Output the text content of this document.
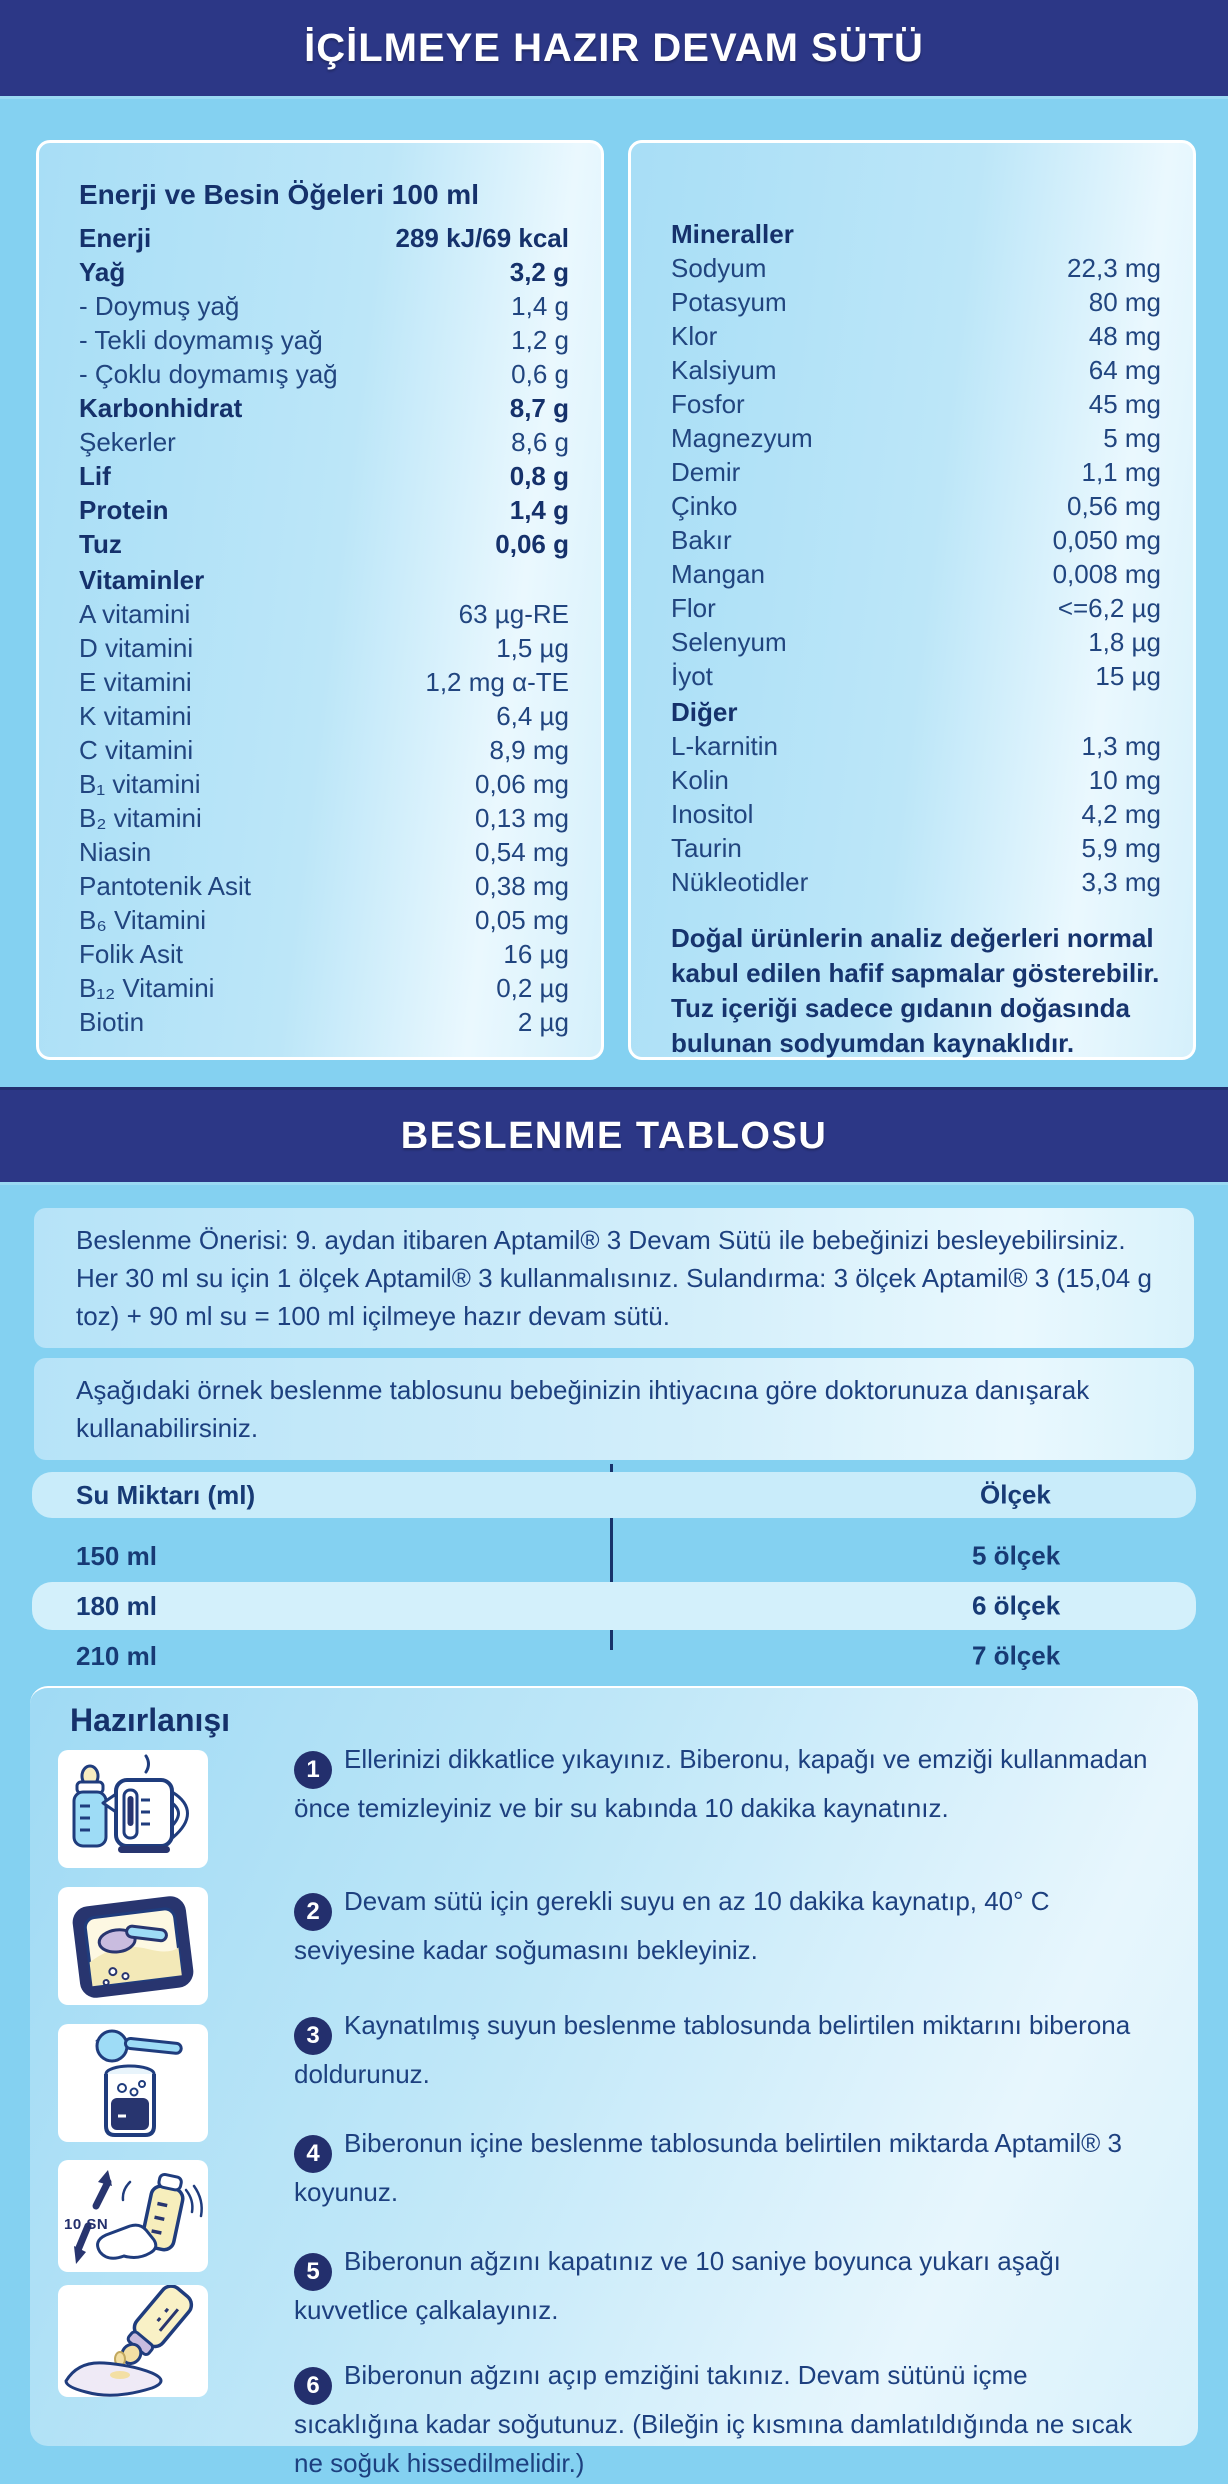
İÇİLMEYE HAZIR DEVAM SÜTÜ
Enerji ve Besin Öğeleri 100 ml
Enerji	289 kJ/69 kcal
Yağ	3,2 g
- Doymuş yağ	1,4 g
- Tekli doymamış yağ	1,2 g
- Çoklu doymamış yağ	0,6 g
Karbonhidrat	8,7 g
Şekerler	8,6 g
Lif	0,8 g
Protein	1,4 g
Tuz	0,06 g
Vitaminler
A vitamini	63 µg-RE
D vitamini	1,5 µg
E vitamini	1,2 mg α-TE
K vitamini	6,4 µg
C vitamini	8,9 mg
B₁ vitamini	0,06 mg
B₂ vitamini	0,13 mg
Niasin	0,54 mg
Pantotenik Asit	0,38 mg
B₆ Vitamini	0,05 mg
Folik Asit	16 µg
B₁₂ Vitamini	0,2 µg
Biotin	2 µg
Mineraller
Sodyum	22,3 mg
Potasyum	80 mg
Klor	48 mg
Kalsiyum	64 mg
Fosfor	45 mg
Magnezyum	5 mg
Demir	1,1 mg
Çinko	0,56 mg
Bakır	0,050 mg
Mangan	0,008 mg
Flor	<=6,2 µg
Selenyum	1,8 µg
İyot	15 µg
Diğer
L-karnitin	1,3 mg
Kolin	10 mg
Inositol	4,2 mg
Taurin	5,9 mg
Nükleotidler	3,3 mg

Doğal ürünlerin analiz değerleri normal kabul edilen hafif sapmalar gösterebilir. Tuz içeriği sadece gıdanın doğasında bulunan sodyumdan kaynaklıdır.

BESLENME TABLOSU

Beslenme Önerisi: 9. aydan itibaren Aptamil® 3 Devam Sütü ile bebeğinizi besleyebilirsiniz. Her 30 ml su için 1 ölçek Aptamil® 3 kullanmalısınız. Sulandırma: 3 ölçek Aptamil® 3 (15,04 g toz) + 90 ml su = 100 ml içilmeye hazır devam sütü.

Aşağıdaki örnek beslenme tablosunu bebeğinizin ihtiyacına göre doktorunuza danışarak kullanabilirsiniz.

Su Miktarı (ml)	Ölçek
150 ml	5 ölçek
180 ml	6 ölçek
210 ml	7 ölçek
Hazırlanışı
10 SN
1 Ellerinizi dikkatlice yıkayınız. Biberonu, kapağı ve emziği kullanmadan önce temizleyiniz ve bir su kabında 10 dakika kaynatınız.
2 Devam sütü için gerekli suyu en az 10 dakika kaynatıp, 40° C seviyesine kadar soğumasını bekleyiniz.
3 Kaynatılmış suyun beslenme tablosunda belirtilen miktarını biberona doldurunuz.
4 Biberonun içine beslenme tablosunda belirtilen miktarda Aptamil® 3 koyunuz.
5 Biberonun ağzını kapatınız ve 10 saniye boyunca yukarı aşağı kuvvetlice çalkalayınız.
6 Biberonun ağzını açıp emziğini takınız. Devam sütünü içme sıcaklığına kadar soğutunuz. (Bileğin iç kısmına damlatıldığında ne sıcak ne soğuk hissedilmelidir.)
